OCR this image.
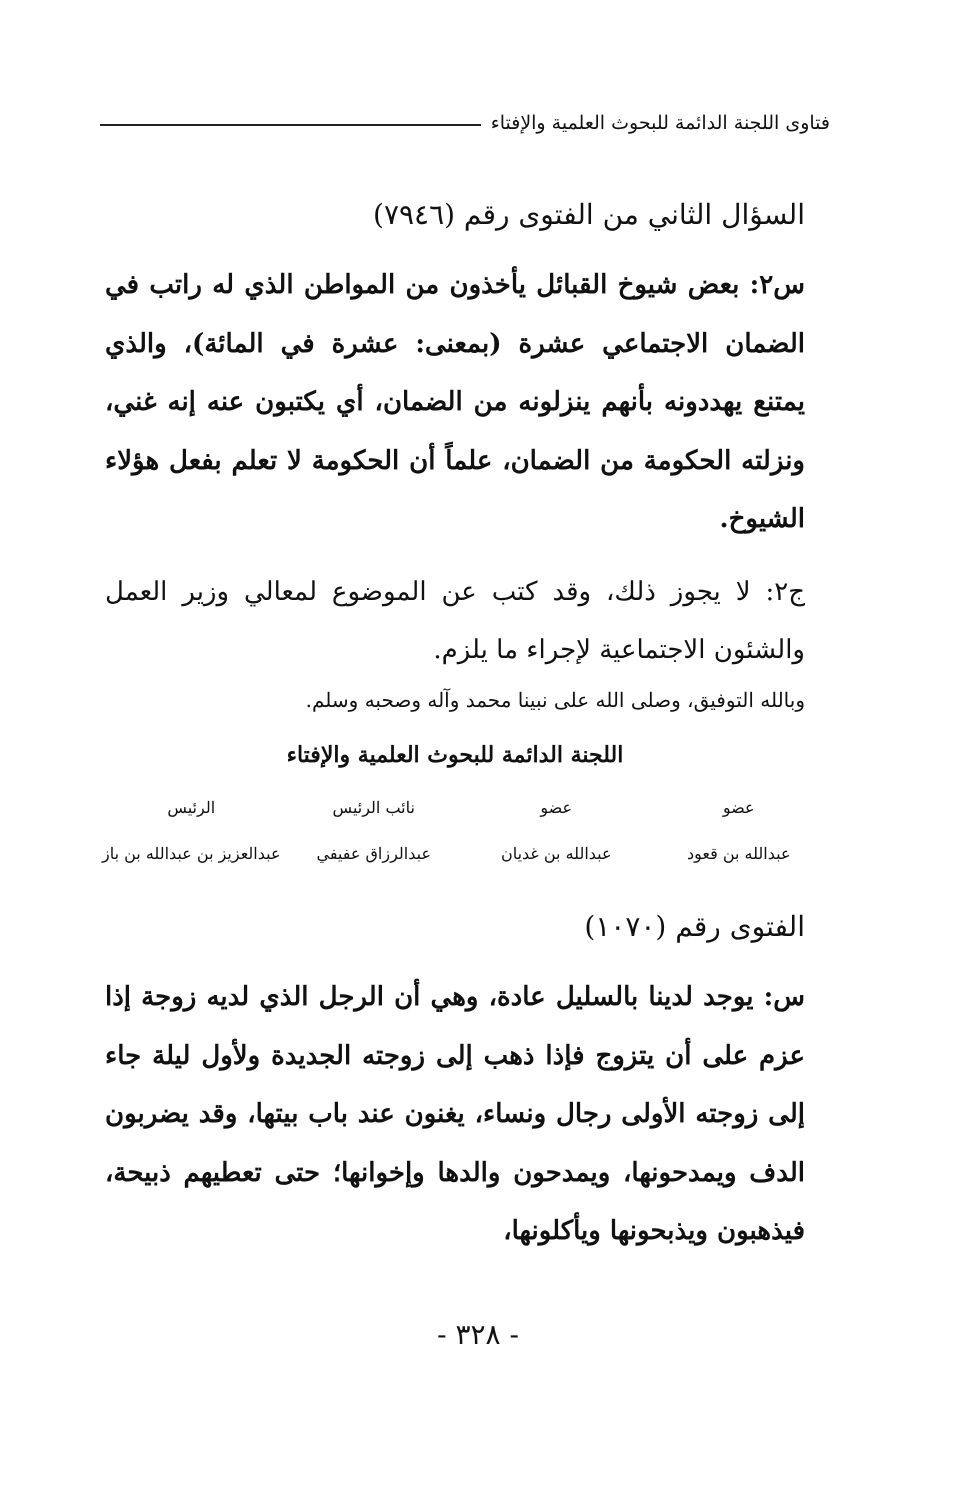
فتاوى اللجنة الدائمة للبحوث العلمية والإفتاء
السؤال الثاني من الفتوى رقم (٧٩٤٦)
س٢: بعض شيوخ القبائل يأخذون من المواطن الذي له راتب في الضمان الاجتماعي عشرة (بمعنى: عشرة في المائة)، والذي يمتنع يهددونه بأنهم ينزلونه من الضمان، أي يكتبون عنه إنه غني، ونزلته الحكومة من الضمان، علماً أن الحكومة لا تعلم بفعل هؤلاء الشيوخ.
ج٢: لا يجوز ذلك، وقد كتب عن الموضوع لمعالي وزير العمل والشئون الاجتماعية لإجراء ما يلزم.
وبالله التوفيق، وصلى الله على نبينا محمد وآله وصحبه وسلم.
اللجنة الدائمة للبحوث العلمية والإفتاء
عضو
عبدالله بن قعود
عضو
عبدالله بن غديان
نائب الرئيس
عبدالرزاق عفيفي
الرئيس
عبدالعزيز بن عبدالله بن باز
الفتوى رقم (١٠٧٠)
س: يوجد لدينا بالسليل عادة، وهي أن الرجل الذي لديه زوجة إذا عزم على أن يتزوج فإذا ذهب إلى زوجته الجديدة ولأول ليلة جاء إلى زوجته الأولى رجال ونساء، يغنون عند باب بيتها، وقد يضربون الدف ويمدحونها، ويمدحون والدها وإخوانها؛ حتى تعطيهم ذبيحة، فيذهبون ويذبحونها ويأكلونها،
- ٣٢٨ -
